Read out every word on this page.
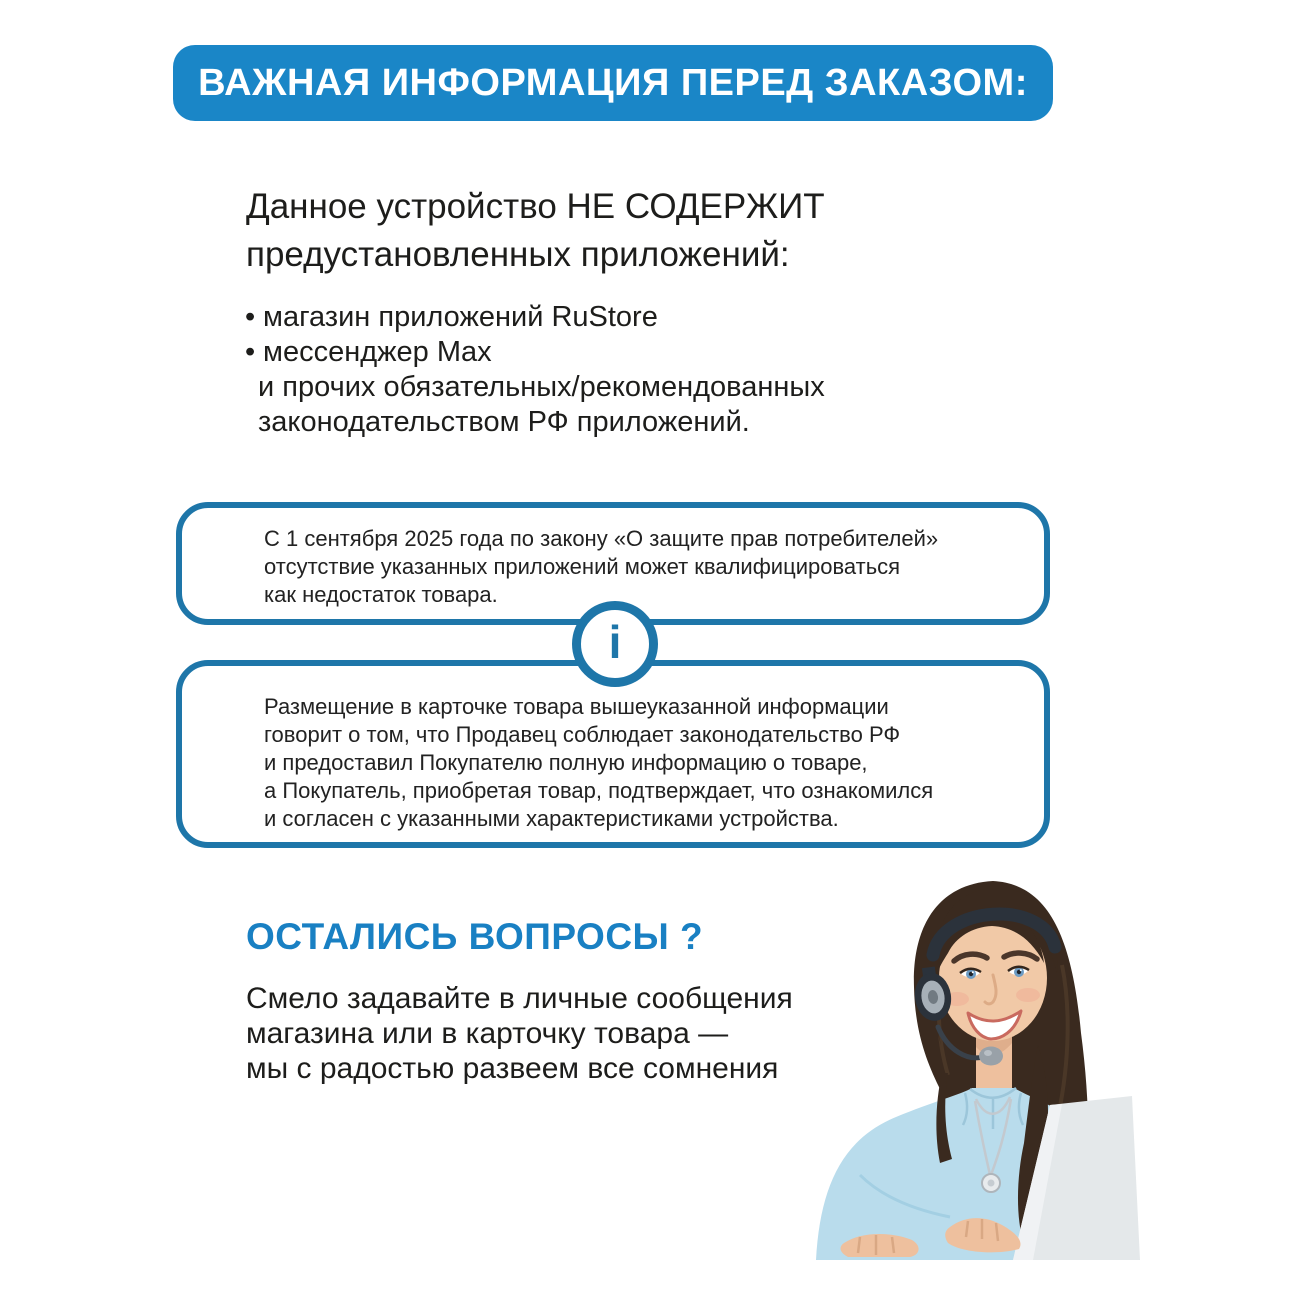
ВАЖНАЯ ИНФОРМАЦИЯ ПЕРЕД ЗАКАЗОМ:
Данное устройство НЕ СОДЕРЖИТ
предустановленных приложений:
• магазин приложений RuStore
• мессенджер Max
и прочих обязательных/рекомендованных
законодательством РФ приложений.
С 1 сентября 2025 года по закону «О защите прав потребителей»
отсутствие указанных приложений может квалифицироваться
как недостаток товара.
i
Размещение в карточке товара вышеуказанной информации
говорит о том, что Продавец соблюдает законодательство РФ
и предоставил Покупателю полную информацию о товаре,
а Покупатель, приобретая товар, подтверждает, что ознакомился
и согласен с указанными характеристиками устройства.
ОСТАЛИСЬ ВОПРОСЫ ?
Смело задавайте в личные сообщения
магазина или в карточку товара —
мы с радостью развеем все сомнения
